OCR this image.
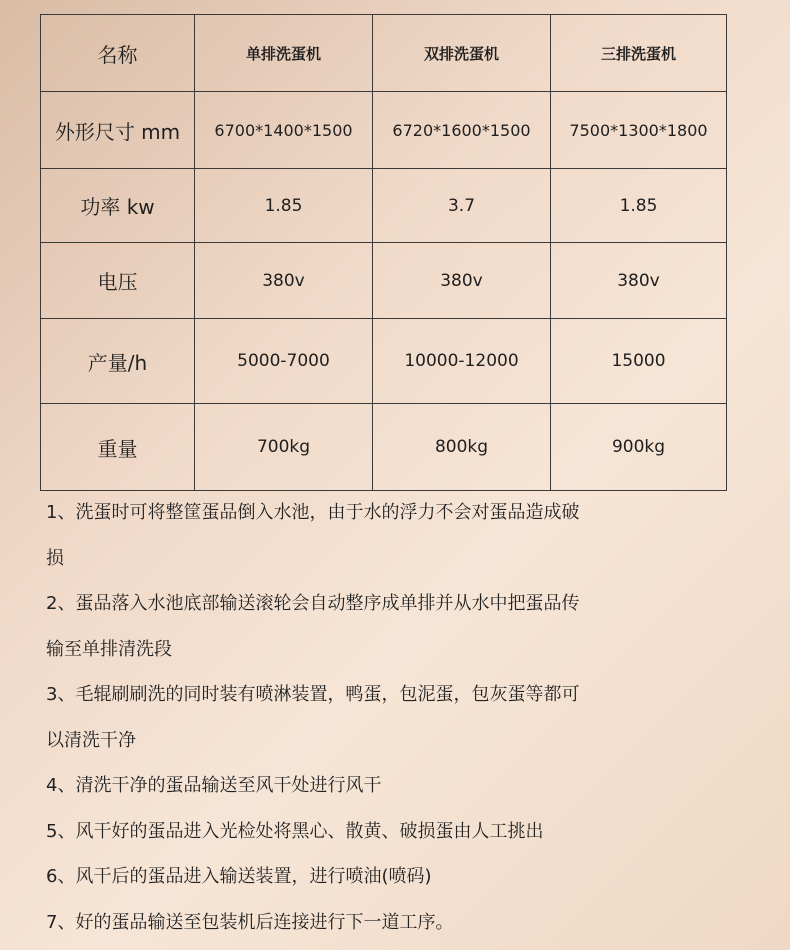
名称	单排洗蛋机	双排洗蛋机	三排洗蛋机
外形尺寸 mm	6700*1400*1500	6720*1600*1500	7500*1300*1800
功率 kw	1.85	3.7	1.85
电压	380v	380v	380v
产量/h	5000-7000	10000-12000	15000
重量	700kg	800kg	900kg

1、洗蛋时可将整筐蛋品倒入水池，由于水的浮力不会对蛋品造成破

损

2、蛋品落入水池底部输送滚轮会自动整序成单排并从水中把蛋品传

输至单排清洗段

3、毛辊刷刷洗的同时装有喷淋装置，鸭蛋，包泥蛋，包灰蛋等都可

以清洗干净

4、清洗干净的蛋品输送至风干处进行风干

5、风干好的蛋品进入光检处将黑心、散黄、破损蛋由人工挑出

6、风干后的蛋品进入输送装置，进行喷油(喷码)

7、好的蛋品输送至包装机后连接进行下一道工序。
